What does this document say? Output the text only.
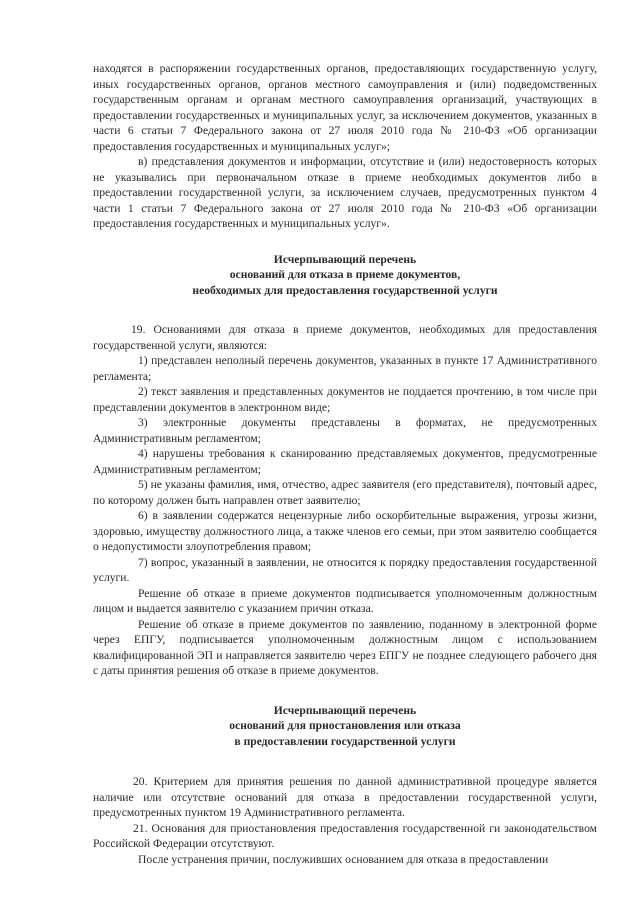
находятся в распоряжении государственных органов, предоставляющих государственную услугу, иных государственных органов, органов местного самоуправления и (или) подведомственных государственным органам и органам местного самоуправления организаций, участвующих в предоставлении государственных и муниципальных услуг, за исключением документов, указанных в части 6 статьи 7 Федерального закона от 27 июля 2010 года № 210-ФЗ «Об организации предоставления государственных и муниципальных услуг»;

в) представления документов и информации, отсутствие и (или) недостоверность которых не указывались при первоначальном отказе в приеме необходимых документов либо в предоставлении государственной услуги, за исключением случаев, предусмотренных пунктом 4 части 1 статьи 7 Федерального закона от 27 июля 2010 года № 210-ФЗ «Об организации предоставления государственных и муниципальных услуг».

Исчерпывающий перечень

оснований для отказа в приеме документов,

необходимых для предоставления государственной услуги

19. Основаниями для отказа в приеме документов, необходимых для предоставления государственной услуги, являются:

1) представлен неполный перечень документов, указанных в пункте 17 Административного регламента;

2) текст заявления и представленных документов не поддается прочтению, в том числе при представлении документов в электронном виде;

3) электронные документы представлены в форматах, не предусмотренных Административным регламентом;

4) нарушены требования к сканированию представляемых документов, предусмотренные Административным регламентом;

5) не указаны фамилия, имя, отчество, адрес заявителя (его представителя), почтовый адрес, по которому должен быть направлен ответ заявителю;

6) в заявлении содержатся нецензурные либо оскорбительные выражения, угрозы жизни, здоровью, имуществу должностного лица, а также членов его семьи, при этом заявителю сообщается о недопустимости злоупотребления правом;

7) вопрос, указанный в заявлении, не относится к порядку предоставления государственной услуги.

Решение об отказе в приеме документов подписывается уполномоченным должностным лицом и выдается заявителю с указанием причин отказа.

Решение об отказе в приеме документов по заявлению, поданному в электронной форме через ЕПГУ, подписывается уполномоченным должностным лицом с использованием квалифицированной ЭП и направляется заявителю через ЕПГУ не позднее следующего рабочего дня с даты принятия решения об отказе в приеме документов.

Исчерпывающий перечень

оснований для приостановления или отказа

в предоставлении государственной услуги

20. Критерием для принятия решения по данной административной процедуре является наличие или отсутствие оснований для отказа в предоставлении государственной услуги, предусмотренных пунктом 19 Административного регламента.

21. Основания для приостановления предоставления государственной ги законодательством Российской Федерации отсутствуют.

После устранения причин, послуживших основанием для отказа в предоставлении
